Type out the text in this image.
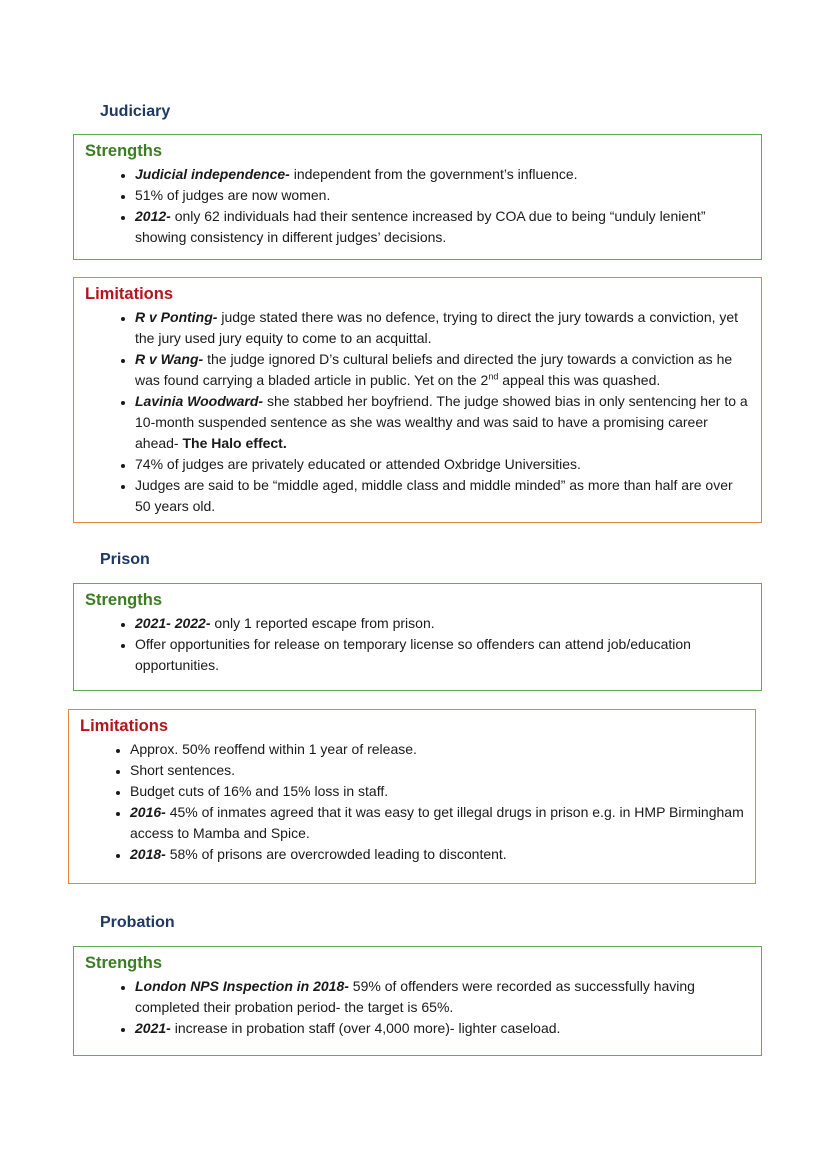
Judiciary
Strengths
• Judicial independence- independent from the government’s influence.
• 51% of judges are now women.
• 2012- only 62 individuals had their sentence increased by COA due to being “unduly lenient” showing consistency in different judges’ decisions.
Limitations
• R v Ponting- judge stated there was no defence, trying to direct the jury towards a conviction, yet the jury used jury equity to come to an acquittal.
• R v Wang- the judge ignored D’s cultural beliefs and directed the jury towards a conviction as he was found carrying a bladed article in public. Yet on the 2nd appeal this was quashed.
• Lavinia Woodward- she stabbed her boyfriend. The judge showed bias in only sentencing her to a 10-month suspended sentence as she was wealthy and was said to have a promising career ahead- The Halo effect.
• 74% of judges are privately educated or attended Oxbridge Universities.
• Judges are said to be “middle aged, middle class and middle minded” as more than half are over 50 years old.
Prison
Strengths
• 2021- 2022- only 1 reported escape from prison.
• Offer opportunities for release on temporary license so offenders can attend job/education opportunities.
Limitations
• Approx. 50% reoffend within 1 year of release.
• Short sentences.
• Budget cuts of 16% and 15% loss in staff.
• 2016- 45% of inmates agreed that it was easy to get illegal drugs in prison e.g. in HMP Birmingham access to Mamba and Spice.
• 2018- 58% of prisons are overcrowded leading to discontent.
Probation
Strengths
• London NPS Inspection in 2018- 59% of offenders were recorded as successfully having completed their probation period- the target is 65%.
• 2021- increase in probation staff (over 4,000 more)- lighter caseload.
